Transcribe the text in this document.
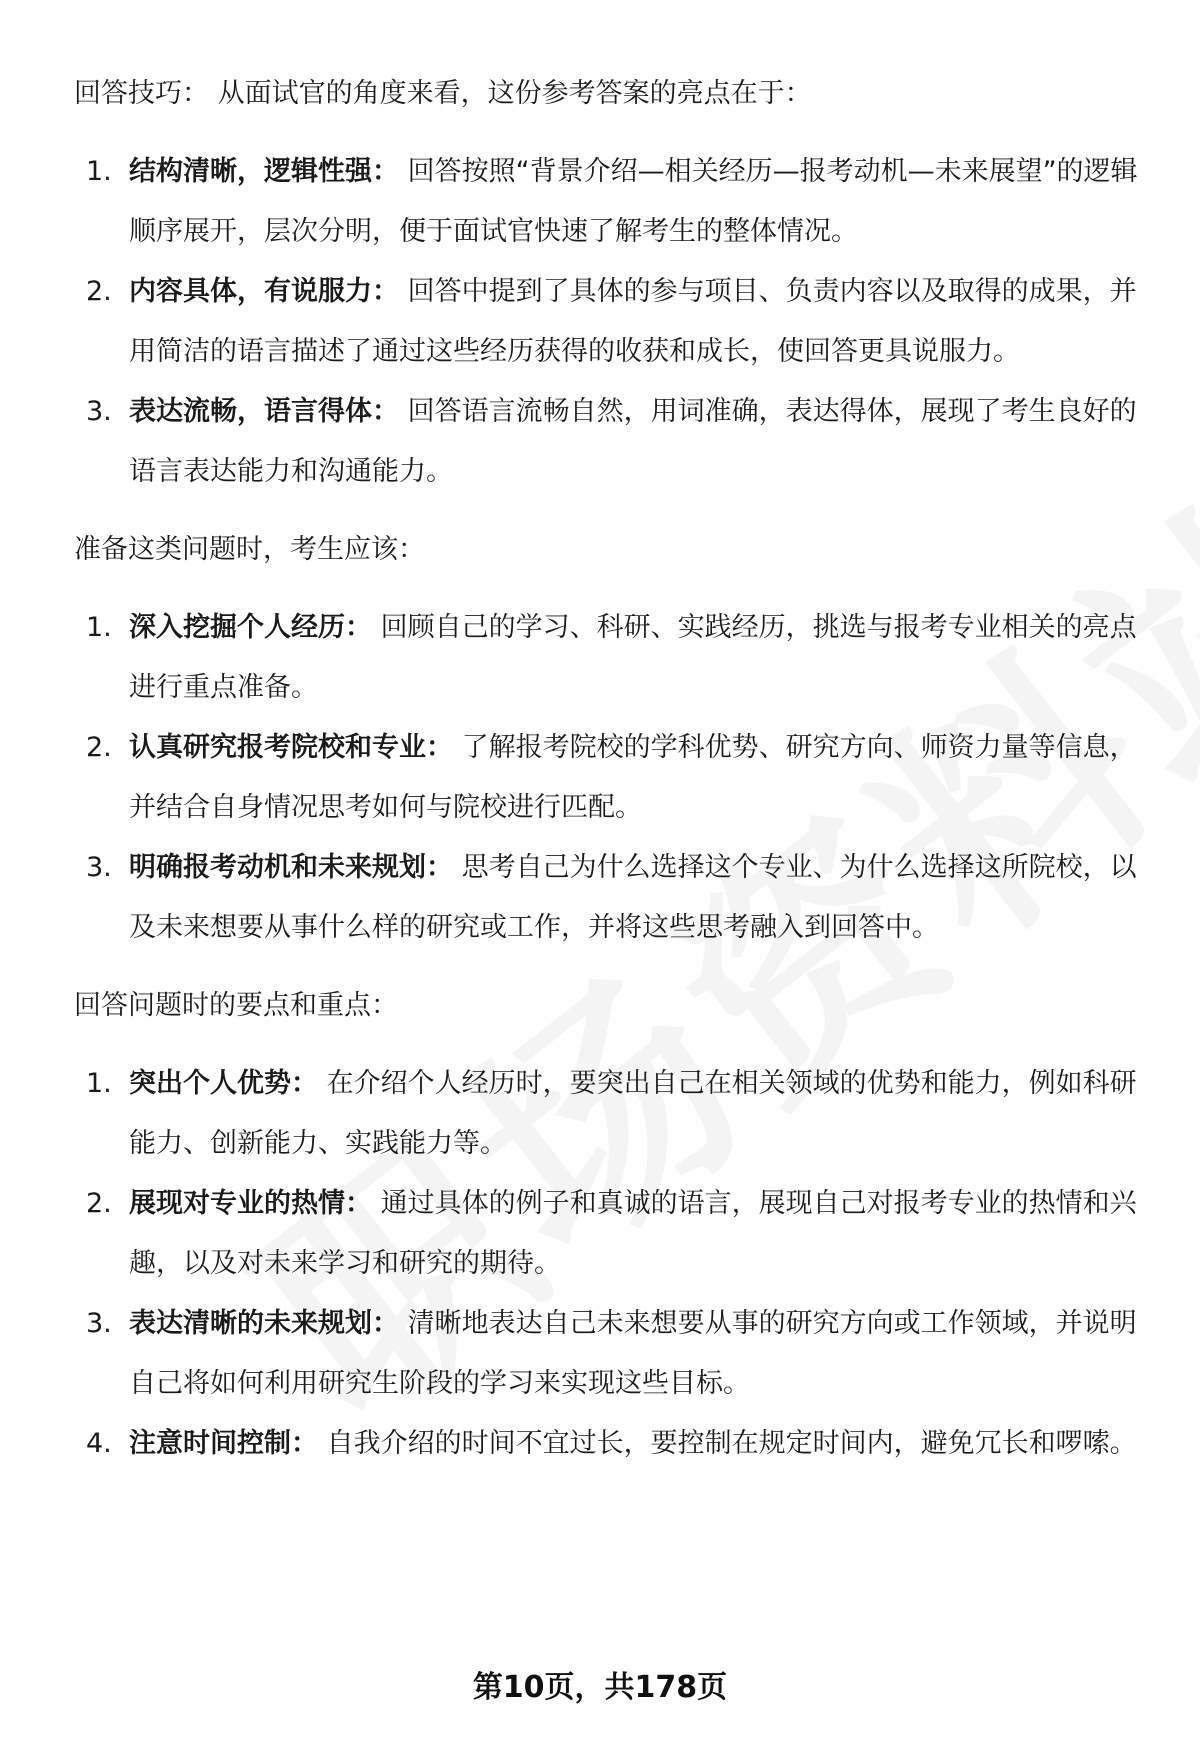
回答技巧： 从面试官的角度来看，这份参考答案的亮点在于：

1. 结构清晰，逻辑性强： 回答按照“背景介绍—相关经历—报考动机—未来展望”的逻辑顺序展开，层次分明，便于面试官快速了解考生的整体情况。
2. 内容具体，有说服力： 回答中提到了具体的参与项目、负责内容以及取得的成果，并用简洁的语言描述了通过这些经历获得的收获和成长，使回答更具说服力。
3. 表达流畅，语言得体： 回答语言流畅自然，用词准确，表达得体，展现了考生良好的语言表达能力和沟通能力。

准备这类问题时，考生应该：

1. 深入挖掘个人经历： 回顾自己的学习、科研、实践经历，挑选与报考专业相关的亮点进行重点准备。
2. 认真研究报考院校和专业： 了解报考院校的学科优势、研究方向、师资力量等信息，并结合自身情况思考如何与院校进行匹配。
3. 明确报考动机和未来规划： 思考自己为什么选择这个专业、为什么选择这所院校，以及未来想要从事什么样的研究或工作，并将这些思考融入到回答中。

回答问题时的要点和重点：

1. 突出个人优势： 在介绍个人经历时，要突出自己在相关领域的优势和能力，例如科研能力、创新能力、实践能力等。
2. 展现对专业的热情： 通过具体的例子和真诚的语言，展现自己对报考专业的热情和兴趣，以及对未来学习和研究的期待。
3. 表达清晰的未来规划： 清晰地表达自己未来想要从事的研究方向或工作领域，并说明自己将如何利用研究生阶段的学习来实现这些目标。
4. 注意时间控制： 自我介绍的时间不宜过长，要控制在规定时间内，避免冗长和啰嗦。
第10页，共178页
